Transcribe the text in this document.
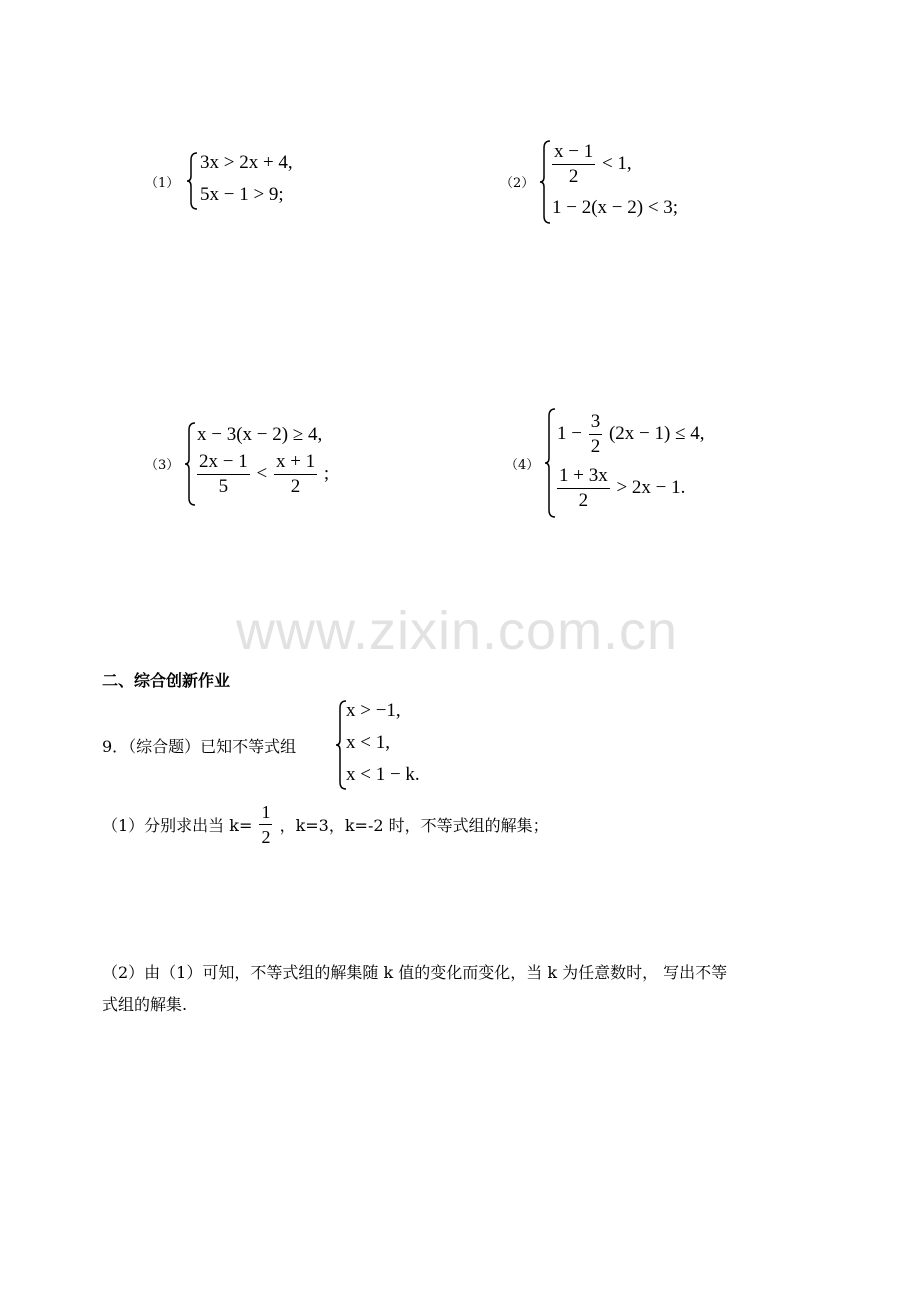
（1）
3x > 2x + 4,
5x − 1 > 9;
$(2) \frac{x - 1}{2} < 1$,
1 − 2(x − 2) < 3;
（3）
x − 3(x − 2) ≥ 4,
$\frac{2x - 1}{5} < \frac{x + 1}{2}$ ;	（4）
$1 - \frac{3}{2} (2x - 1) \le 4$,
$\frac{1 + 3x}{2} > 2x - 1$.
www.zixin.com.cn
二、综合创新作业
9．（综合题）已知不等式组
x > −1,
x < 1,
x < 1 − k.
（1）分别求出当 $k= \frac{1}{2}$ ，k=3，k=-2 时，不等式组的解集；
（2）由（1）可知，不等式组的解集随 k 值的变化而变化，当 k 为任意数时， 写出不等
式组的解集.
